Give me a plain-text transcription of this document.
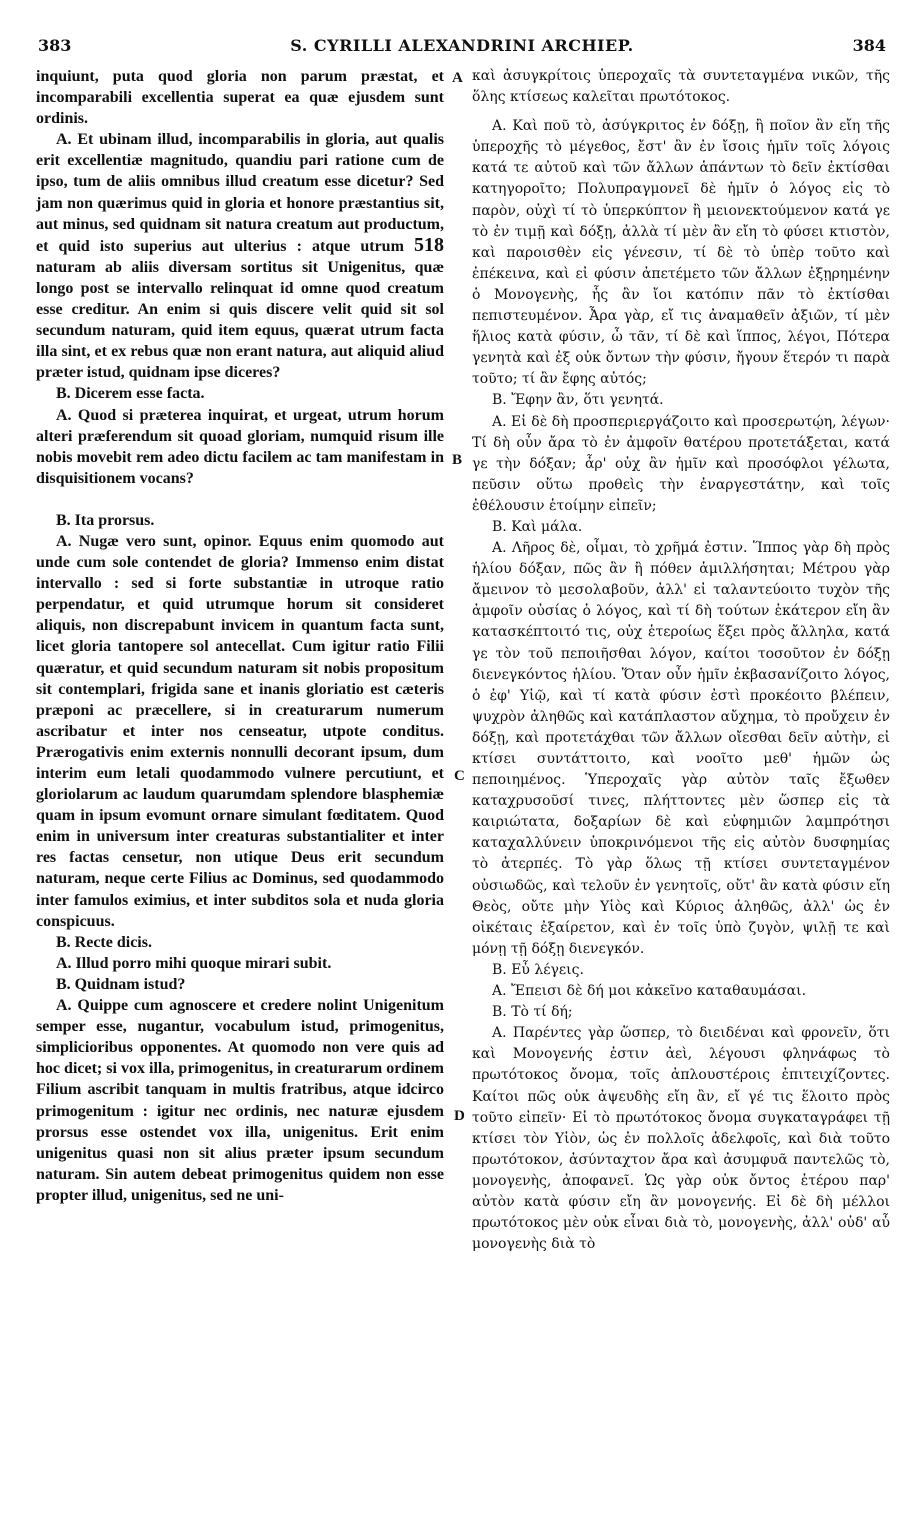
383	S. CYRILLI ALEXANDRINI ARCHIEP.	384
A
B
C
D

inquiunt, puta quod gloria non parum præstat, et incomparabili excellentia superat ea quæ ejusdem sunt ordinis.

A. Et ubinam illud, incomparabilis in gloria, aut qualis erit excellentiæ magnitudo, quandiu pari ratione cum de ipso, tum de aliis omnibus illud creatum esse dicetur? Sed jam non quærimus quid in gloria et honore præstantius sit, aut minus, sed quidnam sit natura creatum aut productum, et quid isto superius aut ulterius : atque utrum 518 naturam ab aliis diversam sortitus sit Unigenitus, quæ longo post se intervallo relinquat id omne quod creatum esse creditur. An enim si quis discere velit quid sit sol secundum naturam, quid item equus, quærat utrum facta illa sint, et ex rebus quæ non erant natura, aut aliquid aliud præter istud, quidnam ipse diceres?

B. Dicerem esse facta.

A. Quod si præterea inquirat, et urgeat, utrum horum alteri præferendum sit quoad gloriam, numquid risum ille nobis movebit rem adeo dictu facilem ac tam manifestam in disquisitionem vocans?

B. Ita prorsus.

A. Nugæ vero sunt, opinor. Equus enim quomodo aut unde cum sole contendet de gloria? Immenso enim distat intervallo : sed si forte substantiæ in utroque ratio perpendatur, et quid utrumque horum sit consideret aliquis, non discrepabunt invicem in quantum facta sunt, licet gloria tantopere sol antecellat. Cum igitur ratio Filii quæratur, et quid secundum naturam sit nobis propositum sit contemplari, frigida sane et inanis gloriatio est cæteris præponi ac præcellere, si in creaturarum numerum ascribatur et inter nos censeatur, utpote conditus. Prærogativis enim externis nonnulli decorant ipsum, dum interim eum letali quodammodo vulnere percutiunt, et gloriolarum ac laudum quarumdam splendore blasphemiæ quam in ipsum evomunt ornare simulant fœditatem. Quod enim in universum inter creaturas substantialiter et inter res factas censetur, non utique Deus erit secundum naturam, neque certe Filius ac Dominus, sed quodammodo inter famulos eximius, et inter subditos sola et nuda gloria conspicuus.

B. Recte dicis.

A. Illud porro mihi quoque mirari subit.

B. Quidnam istud?

A. Quippe cum agnoscere et credere nolint Unigenitum semper esse, nugantur, vocabulum istud, primogenitus, simplicioribus opponentes. At quomodo non vere quis ad hoc dicet; si vox illa, primogenitus, in creaturarum ordinem Filium ascribit tanquam in multis fratribus, atque idcirco primogenitum : igitur nec ordinis, nec naturæ ejusdem prorsus esse ostendet vox illa, unigenitus. Erit enim unigenitus quasi non sit alius præter ipsum secundum naturam. Sin autem debeat primogenitus quidem non esse propter illud, unigenitus, sed ne uni-

καὶ ἀσυγκρίτοις ὑπεροχαῖς τὰ συντεταγμένα νικῶν, τῆς ὅλης κτίσεως καλεῖται πρωτότοκος.

A. Καὶ ποῦ τὸ, ἀσύγκριτος ἐν δόξῃ, ἢ ποῖον ἂν εἴη τῆς ὑπεροχῆς τὸ μέγεθος, ἔστ' ἂν ἐν ἴσοις ἡμῖν τοῖς λόγοις κατά τε αὐτοῦ καὶ τῶν ἄλλων ἁπάντων τὸ δεῖν ἐκτίσθαι κατηγοροῖτο; Πολυπραγμονεῖ δὲ ἡμῖν ὁ λόγος εἰς τὸ παρὸν, οὐχὶ τί τὸ ὑπερκύπτον ἢ μειονεκτούμενον κατά γε τὸ ἐν τιμῇ καὶ δόξῃ, ἀλλὰ τί μὲν ἂν εἴη τὸ φύσει κτιστὸν, καὶ παροισθὲν εἰς γένεσιν, τί δὲ τὸ ὑπὲρ τοῦτο καὶ ἐπέκεινα, καὶ εἰ φύσιν ἀπετέμετο τῶν ἄλλων ἐξῃρημένην ὁ Μονογενὴς, ἧς ἂν ἴοι κατόπιν πᾶν τὸ ἐκτίσθαι πεπιστευμένον. Ἆρα γὰρ, εἴ τις ἀναμαθεῖν ἀξιῶν, τί μὲν ἥλιος κατὰ φύσιν, ὦ τᾶν, τί δὲ καὶ ἵππος, λέγοι, Πότερα γενητὰ καὶ ἐξ οὐκ ὄντων τὴν φύσιν, ἤγουν ἕτερόν τι παρὰ τοῦτο; τί ἂν ἔφης αὐτός;

B. Ἔφην ἂν, ὅτι γενητά.

A. Εἰ δὲ δὴ προσπεριεργάζοιτο καὶ προσερωτῴη, λέγων· Τί δὴ οὖν ἄρα τὸ ἐν ἀμφοῖν θατέρου προτετάξεται, κατά γε τὴν δόξαν; ἆρ' οὐχ ἂν ἡμῖν καὶ προσόφλοι γέλωτα, πεῦσιν οὕτω προθεὶς τὴν ἐναργεστάτην, καὶ τοῖς ἐθέλουσιν ἑτοίμην εἰπεῖν;

B. Καὶ μάλα.

A. Λῆρος δὲ, οἶμαι, τὸ χρῆμά ἐστιν. Ἵππος γὰρ δὴ πρὸς ἡλίου δόξαν, πῶς ἂν ἢ πόθεν ἁμιλλήσηται; Μέτρου γὰρ ἄμεινον τὸ μεσολαβοῦν, ἀλλ' εἰ ταλαντεύοιτο τυχὸν τῆς ἀμφοῖν οὐσίας ὁ λόγος, καὶ τί δὴ τούτων ἑκάτερον εἴη ἂν κατασκέπτοιτό τις, οὐχ ἑτεροίως ἕξει πρὸς ἄλληλα, κατά γε τὸν τοῦ πεποιῆσθαι λόγον, καίτοι τοσοῦτον ἐν δόξῃ διενεγκόντος ἡλίου. Ὅταν οὖν ἡμῖν ἐκβασανίζοιτο λόγος, ὁ ἐφ' Υἱῷ, καὶ τί κατὰ φύσιν ἐστὶ προκέοιτο βλέπειν, ψυχρὸν ἀληθῶς καὶ κατάπλαστον αὔχημα, τὸ προὔχειν ἐν δόξῃ, καὶ προτετάχθαι τῶν ἄλλων οἴεσθαι δεῖν αὐτὴν, εἰ κτίσει συντάττοιτο, καὶ νοοῖτο μεθ' ἡμῶν ὡς πεποιημένος. Ὑπεροχαῖς γὰρ αὐτὸν ταῖς ἔξωθεν καταχρυσοῦσί τινες, πλήττοντες μὲν ὥσπερ εἰς τὰ καιριώτατα, δοξαρίων δὲ καὶ εὐφημιῶν λαμπρότησι καταχαλλύνειν ὑποκρινόμενοι τῆς εἰς αὐτὸν δυσφημίας τὸ ἀτερπές. Τὸ γὰρ ὅλως τῇ κτίσει συντεταγμένον οὐσιωδῶς, καὶ τελοῦν ἐν γενητοῖς, οὔτ' ἂν κατὰ φύσιν εἴη Θεὸς, οὔτε μὴν Υἱὸς καὶ Κύριος ἀληθῶς, ἀλλ' ὡς ἐν οἰκέταις ἐξαίρετον, καὶ ἐν τοῖς ὑπὸ ζυγὸν, ψιλῇ τε καὶ μόνῃ τῇ δόξῃ διενεγκόν.

B. Εὖ λέγεις.

A. Ἔπεισι δὲ δή μοι κἀκεῖνο καταθαυμάσαι.

B. Τὸ τί δή;

A. Παρέντες γὰρ ὥσπερ, τὸ διειδέναι καὶ φρονεῖν, ὅτι καὶ Μονογενής ἐστιν ἀεὶ, λέγουσι φληνάφως τὸ πρωτότοκος ὄνομα, τοῖς ἁπλουστέροις ἐπιτειχίζοντες. Καίτοι πῶς οὐκ ἀψευδὴς εἴη ἂν, εἴ γέ τις ἕλοιτο πρὸς τοῦτο εἰπεῖν· Εἰ τὸ πρωτότοκος ὄνομα συγκαταγράφει τῇ κτίσει τὸν Υἱὸν, ὡς ἐν πολλοῖς ἀδελφοῖς, καὶ διὰ τοῦτο πρωτότοκον, ἀσύνταχτον ἄρα καὶ ἀσυμφυᾶ παντελῶς τὸ, μονογενὴς, ἀποφανεῖ. Ὡς γὰρ οὐκ ὄντος ἑτέρου παρ' αὐτὸν κατὰ φύσιν εἴη ἂν μονογενής. Εἰ δὲ δὴ μέλλοι πρωτότοκος μὲν οὐκ εἶναι διὰ τὸ, μονογενὴς, ἀλλ' οὐδ' αὖ μονογενὴς διὰ τὸ
